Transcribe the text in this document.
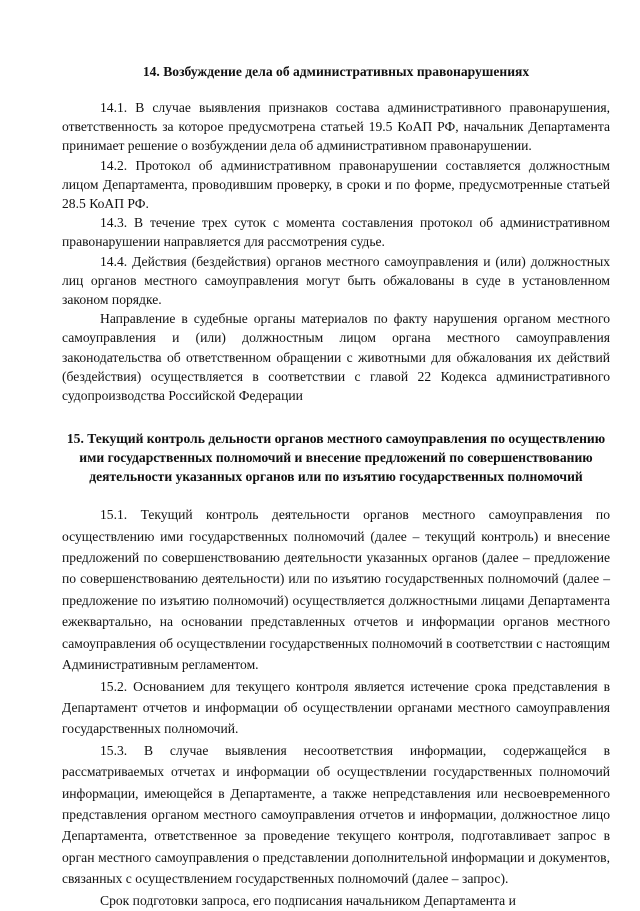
14. Возбуждение дела об административных правонарушениях

14.1. В случае выявления признаков состава административного правонарушения, ответственность за которое предусмотрена статьей 19.5 КоАП РФ, начальник Департамента принимает решение о возбуждении дела об административном правонарушении.

14.2. Протокол об административном правонарушении составляется должностным лицом Департамента, проводившим проверку, в сроки и по форме, предусмотренные статьей 28.5 КоАП РФ.

14.3. В течение трех суток с момента составления протокол об административном правонарушении направляется для рассмотрения судье.

14.4. Действия (бездействия) органов местного самоуправления и (или) должностных лиц органов местного самоуправления могут быть обжалованы в суде в установленном законом порядке.

Направление в судебные органы материалов по факту нарушения органом местного самоуправления и (или) должностным лицом органа местного самоуправления законодательства об ответственном обращении с животными для обжалования их действий (бездействия) осуществляется в соответствии с главой 22 Кодекса административного судопроизводства Российской Федерации

15. Текущий контроль дельности органов местного самоуправления по осуществлению ими государственных полномочий и внесение предложений по совершенствованию деятельности указанных органов или по изъятию государственных полномочий

15.1. Текущий контроль деятельности органов местного самоуправления по осуществлению ими государственных полномочий (далее – текущий контроль) и внесение предложений по совершенствованию деятельности указанных органов (далее – предложение по совершенствованию деятельности) или по изъятию государственных полномочий (далее – предложение по изъятию полномочий) осуществляется должностными лицами Департамента ежеквартально, на основании представленных отчетов и информации органов местного самоуправления об осуществлении государственных полномочий в соответствии с настоящим Административным регламентом.

15.2. Основанием для текущего контроля является истечение срока представления в Департамент отчетов и информации об осуществлении органами местного самоуправления государственных полномочий.

15.3. В случае выявления несоответствия информации, содержащейся в рассматриваемых отчетах и информации об осуществлении государственных полномочий информации, имеющейся в Департаменте, а также непредставления или несвоевременного представления органом местного самоуправления отчетов и информации, должностное лицо Департамента, ответственное за проведение текущего контроля, подготавливает запрос в орган местного самоуправления о представлении дополнительной информации и документов, связанных с осуществлением государственных полномочий (далее – запрос).

Срок подготовки запроса, его подписания начальником Департамента и
